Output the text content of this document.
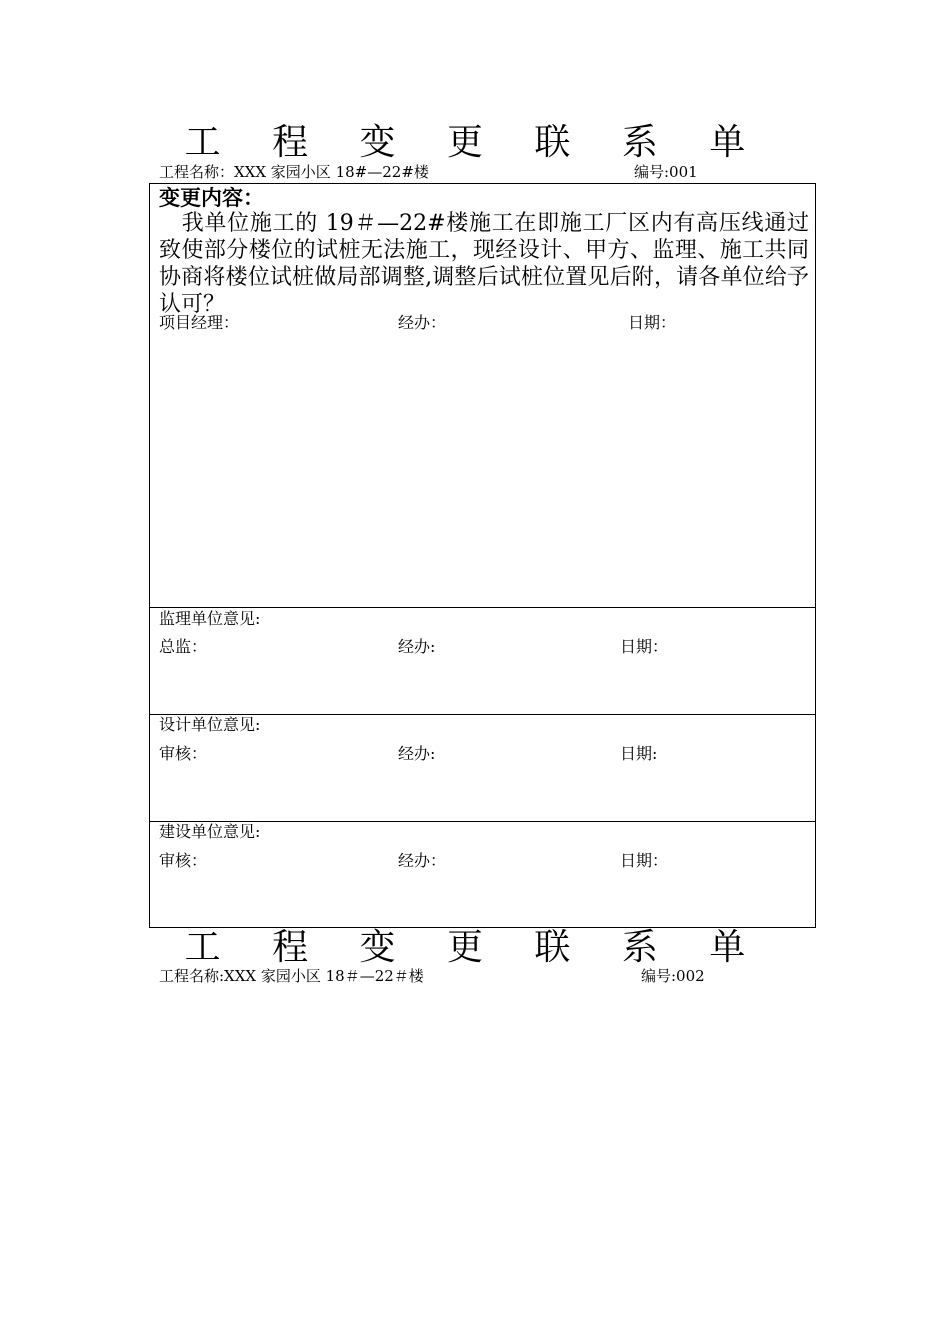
工 程 变 更 联 系 单
工程名称：XXX 家园小区 18#—22#楼	编号:001
变更内容：
 我单位施工的 19＃—22#楼施工在即施工厂区内有高压线通过致使部分楼位的试桩无法施工，现经设计、甲方、监理、施工共同协商将楼位试桩做局部调整,调整后试桩位置见后附，请各单位给予认可？
项目经理：	经办：	日期：
监理单位意见:
总监：	经办:	日期：
设计单位意见:
审核：	经办:	日期:
建设单位意见:
审核：	经办：	日期：
工 程 变 更 联 系 单
工程名称:XXX 家园小区 18＃—22＃楼	编号:002
